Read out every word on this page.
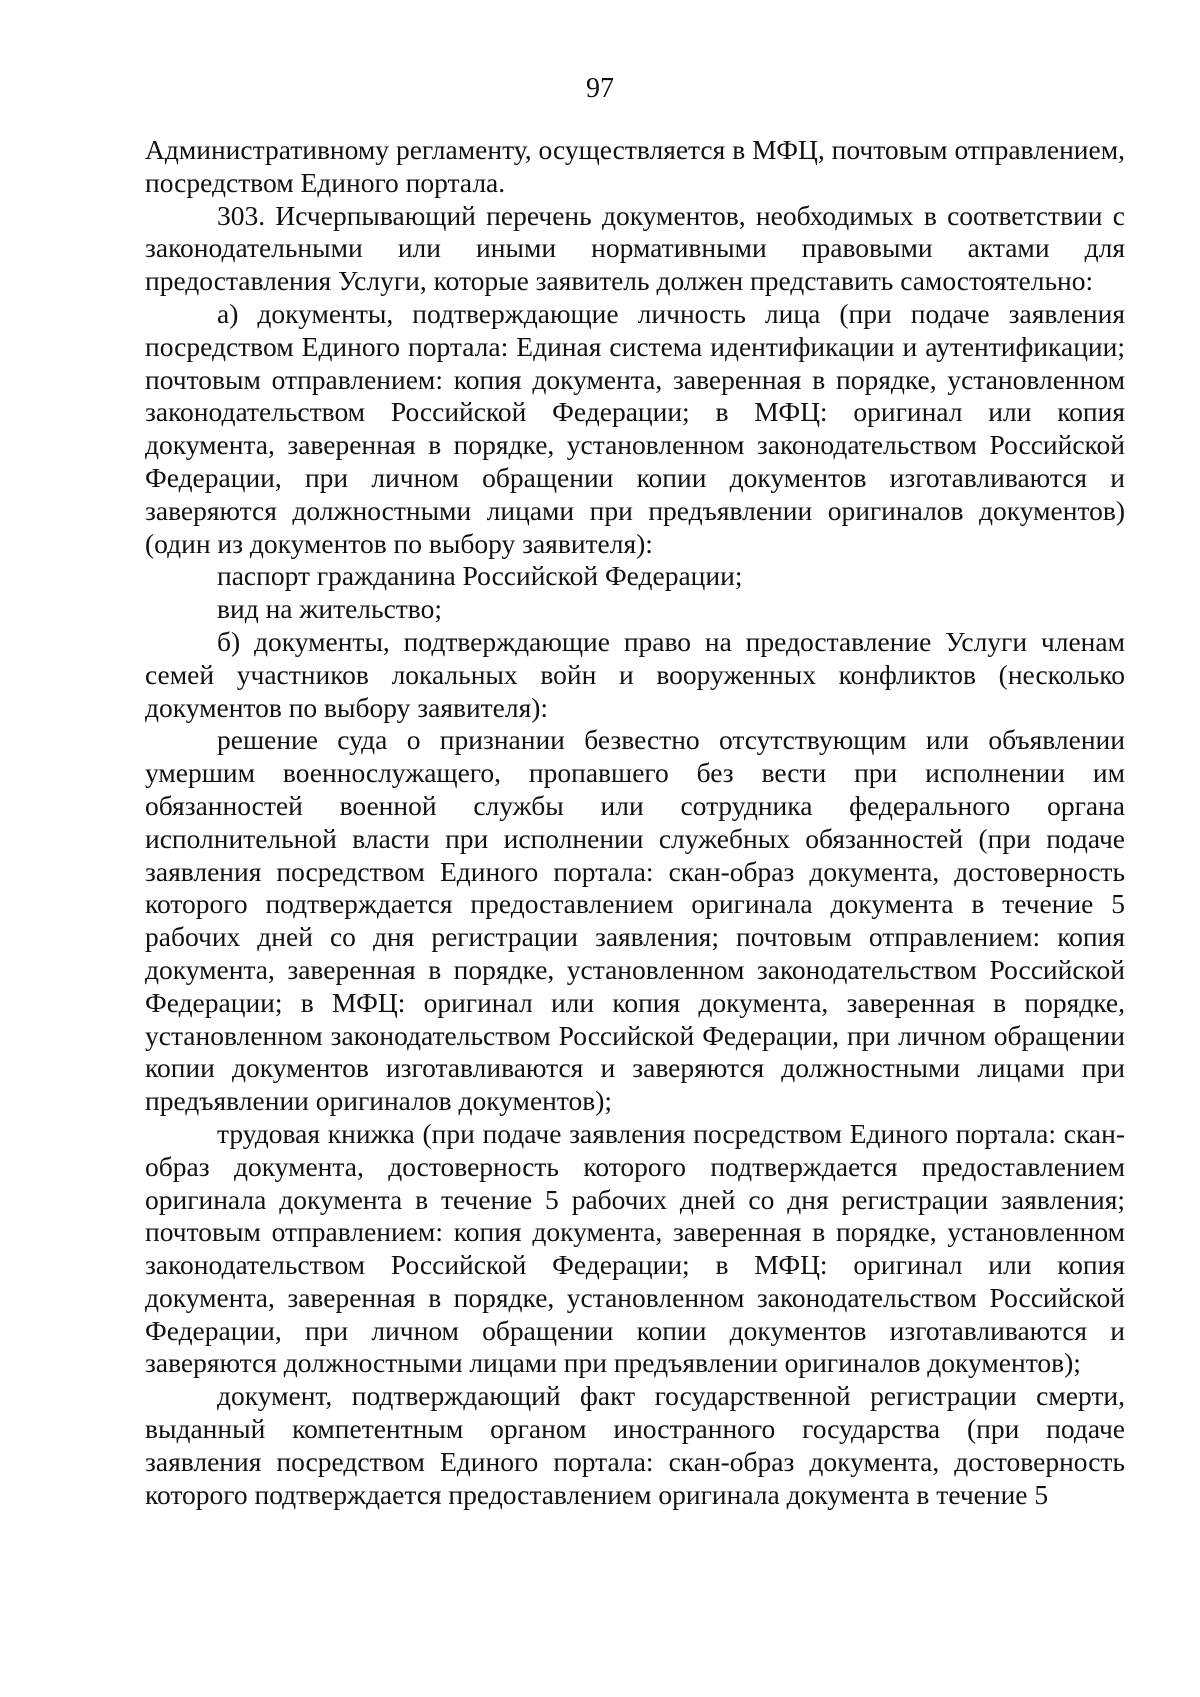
97

Административному регламенту, осуществляется в МФЦ, почтовым отправлением, посредством Единого портала.

303. Исчерпывающий перечень документов, необходимых в соответствии с законодательными или иными нормативными правовыми актами для предоставления Услуги, которые заявитель должен представить самостоятельно:

а) документы, подтверждающие личность лица (при подаче заявления посредством Единого портала: Единая система идентификации и аутентификации; почтовым отправлением: копия документа, заверенная в порядке, установленном законодательством Российской Федерации; в МФЦ: оригинал или копия документа, заверенная в порядке, установленном законодательством Российской Федерации, при личном обращении копии документов изготавливаются и заверяются должностными лицами при предъявлении оригиналов документов) (один из документов по выбору заявителя):

паспорт гражданина Российской Федерации;

вид на жительство;

б) документы, подтверждающие право на предоставление Услуги членам семей участников локальных войн и вооруженных конфликтов (несколько документов по выбору заявителя):

решение суда о признании безвестно отсутствующим или объявлении умершим военнослужащего, пропавшего без вести при исполнении им обязанностей военной службы или сотрудника федерального органа исполнительной власти при исполнении служебных обязанностей (при подаче заявления посредством Единого портала: скан-образ документа, достоверность которого подтверждается предоставлением оригинала документа в течение 5 рабочих дней со дня регистрации заявления; почтовым отправлением: копия документа, заверенная в порядке, установленном законодательством Российской Федерации; в МФЦ: оригинал или копия документа, заверенная в порядке, установленном законодательством Российской Федерации, при личном обращении копии документов изготавливаются и заверяются должностными лицами при предъявлении оригиналов документов);

трудовая книжка (при подаче заявления посредством Единого портала: скан-образ документа, достоверность которого подтверждается предоставлением оригинала документа в течение 5 рабочих дней со дня регистрации заявления; почтовым отправлением: копия документа, заверенная в порядке, установленном законодательством Российской Федерации; в МФЦ: оригинал или копия документа, заверенная в порядке, установленном законодательством Российской Федерации, при личном обращении копии документов изготавливаются и заверяются должностными лицами при предъявлении оригиналов документов);

документ, подтверждающий факт государственной регистрации смерти, выданный компетентным органом иностранного государства (при подаче заявления посредством Единого портала: скан-образ документа, достоверность которого подтверждается предоставлением оригинала документа в течение 5
